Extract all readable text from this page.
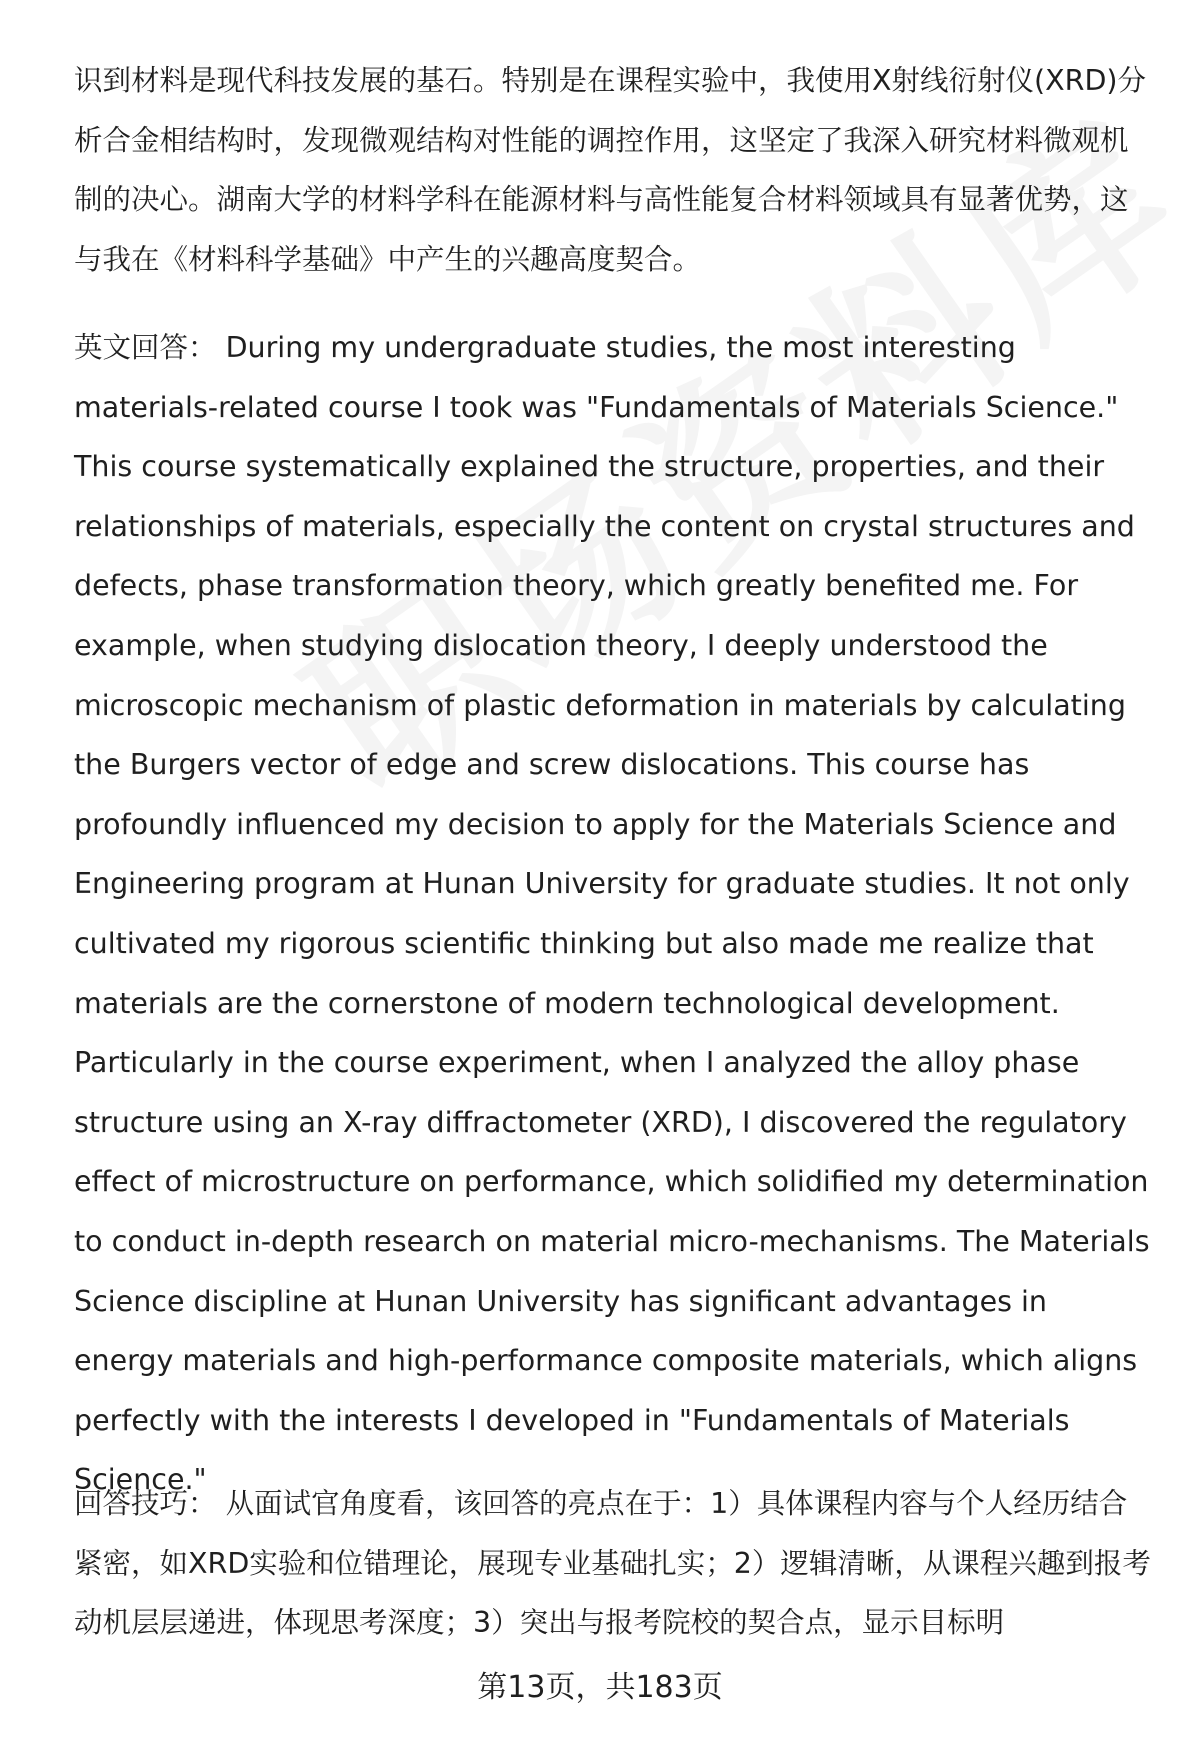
识到材料是现代科技发展的基石。特别是在课程实验中，我使用X射线衍射仪(XRD)分析合金相结构时，发现微观结构对性能的调控作用，这坚定了我深入研究材料微观机制的决心。湖南大学的材料学科在能源材料与高性能复合材料领域具有显著优势，这与我在《材料科学基础》中产生的兴趣高度契合。

英文回答： During my undergraduate studies, the most interesting materials-related course I took was "Fundamentals of Materials Science." This course systematically explained the structure, properties, and their relationships of materials, especially the content on crystal structures and defects, phase transformation theory, which greatly benefited me. For example, when studying dislocation theory, I deeply understood the microscopic mechanism of plastic deformation in materials by calculating the Burgers vector of edge and screw dislocations. This course has profoundly influenced my decision to apply for the Materials Science and Engineering program at Hunan University for graduate studies. It not only cultivated my rigorous scientific thinking but also made me realize that materials are the cornerstone of modern technological development. Particularly in the course experiment, when I analyzed the alloy phase structure using an X-ray diffractometer (XRD), I discovered the regulatory effect of microstructure on performance, which solidified my determination to conduct in-depth research on material micro-mechanisms. The Materials Science discipline at Hunan University has significant advantages in energy materials and high-performance composite materials, which aligns perfectly with the interests I developed in "Fundamentals of Materials Science."

回答技巧： 从面试官角度看，该回答的亮点在于：1）具体课程内容与个人经历结合紧密，如XRD实验和位错理论，展现专业基础扎实；2）逻辑清晰，从课程兴趣到报考动机层层递进，体现思考深度；3）突出与报考院校的契合点，显示目标明

第13页，共183页
